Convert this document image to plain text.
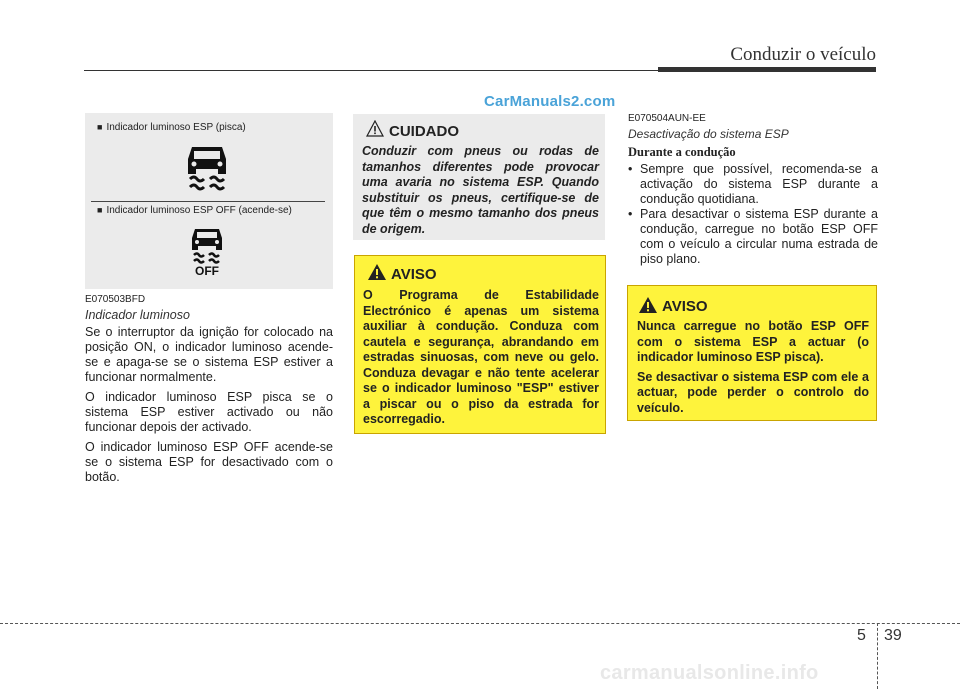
Conduzir o veículo
CarManuals2.com
■ Indicador luminoso ESP (pisca)
■ Indicador luminoso ESP OFF (acende-se)
OFF
E070503BFD
Indicador luminoso

Se o interruptor da ignição for colocado na posição ON, o indicador luminoso acende-se e apaga-se se o sistema ESP estiver a funcionar normalmente.

O indicador luminoso ESP pisca se o sistema ESP estiver activado ou não funcionar depois der activado.

O indicador luminoso ESP OFF acende-se se o sistema ESP for desactivado com o botão.

CUIDADO
Conduzir com pneus ou rodas de tamanhos diferentes pode provocar uma avaria no sistema ESP. Quando substituir os pneus, certifique-se de que têm o mesmo tamanho dos pneus de origem.
AVISO
O Programa de Estabilidade Electrónico é apenas um sistema auxiliar à condução. Conduza com cautela e segurança, abrandando em estradas sinuosas, com neve ou gelo. Conduza devagar e não tente acelerar se o indicador luminoso "ESP" estiver a piscar ou o piso da estrada for escorregadio.
E070504AUN-EE
Desactivação do sistema ESP
Durante a condução
• Sempre que possível, recomenda-se a activação do sistema ESP durante a condução quotidiana.
• Para desactivar o sistema ESP durante a condução, carregue no botão ESP OFF com o veículo a circular numa estrada de piso plano.
AVISO

Nunca carregue no botão ESP OFF com o sistema ESP a actuar (o indicador luminoso ESP pisca).

Se desactivar o sistema ESP com ele a actuar, pode perder o controlo do veículo.

5 39
carmanualsonline.info
